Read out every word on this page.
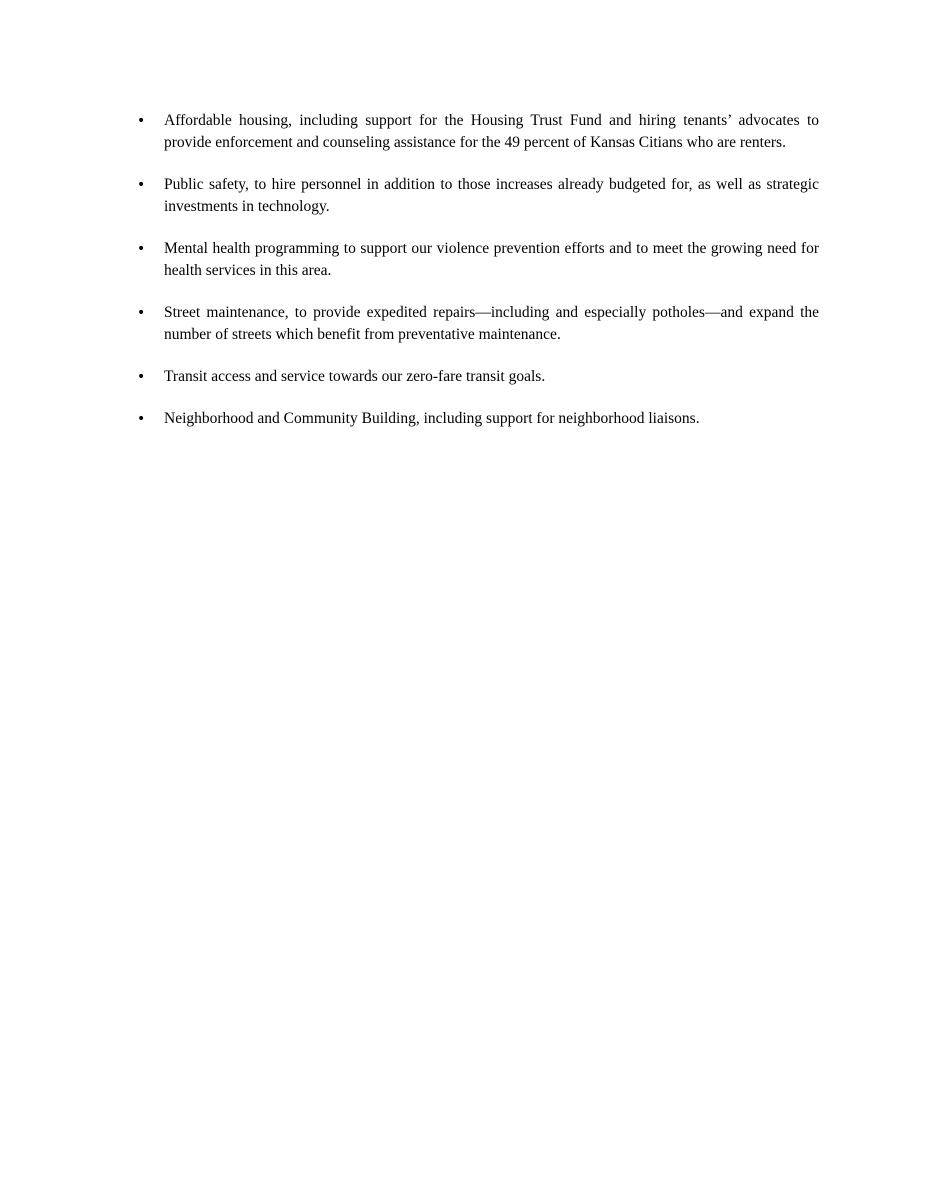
• Affordable housing, including support for the Housing Trust Fund and hiring tenants’ advocates to provide enforcement and counseling assistance for the 49 percent of Kansas Citians who are renters.
• Public safety, to hire personnel in addition to those increases already budgeted for, as well as strategic investments in technology.
• Mental health programming to support our violence prevention efforts and to meet the growing need for health services in this area.
• Street maintenance, to provide expedited repairs—including and especially potholes—and expand the number of streets which benefit from preventative maintenance.
• Transit access and service towards our zero-fare transit goals.
• Neighborhood and Community Building, including support for neighborhood liaisons.
